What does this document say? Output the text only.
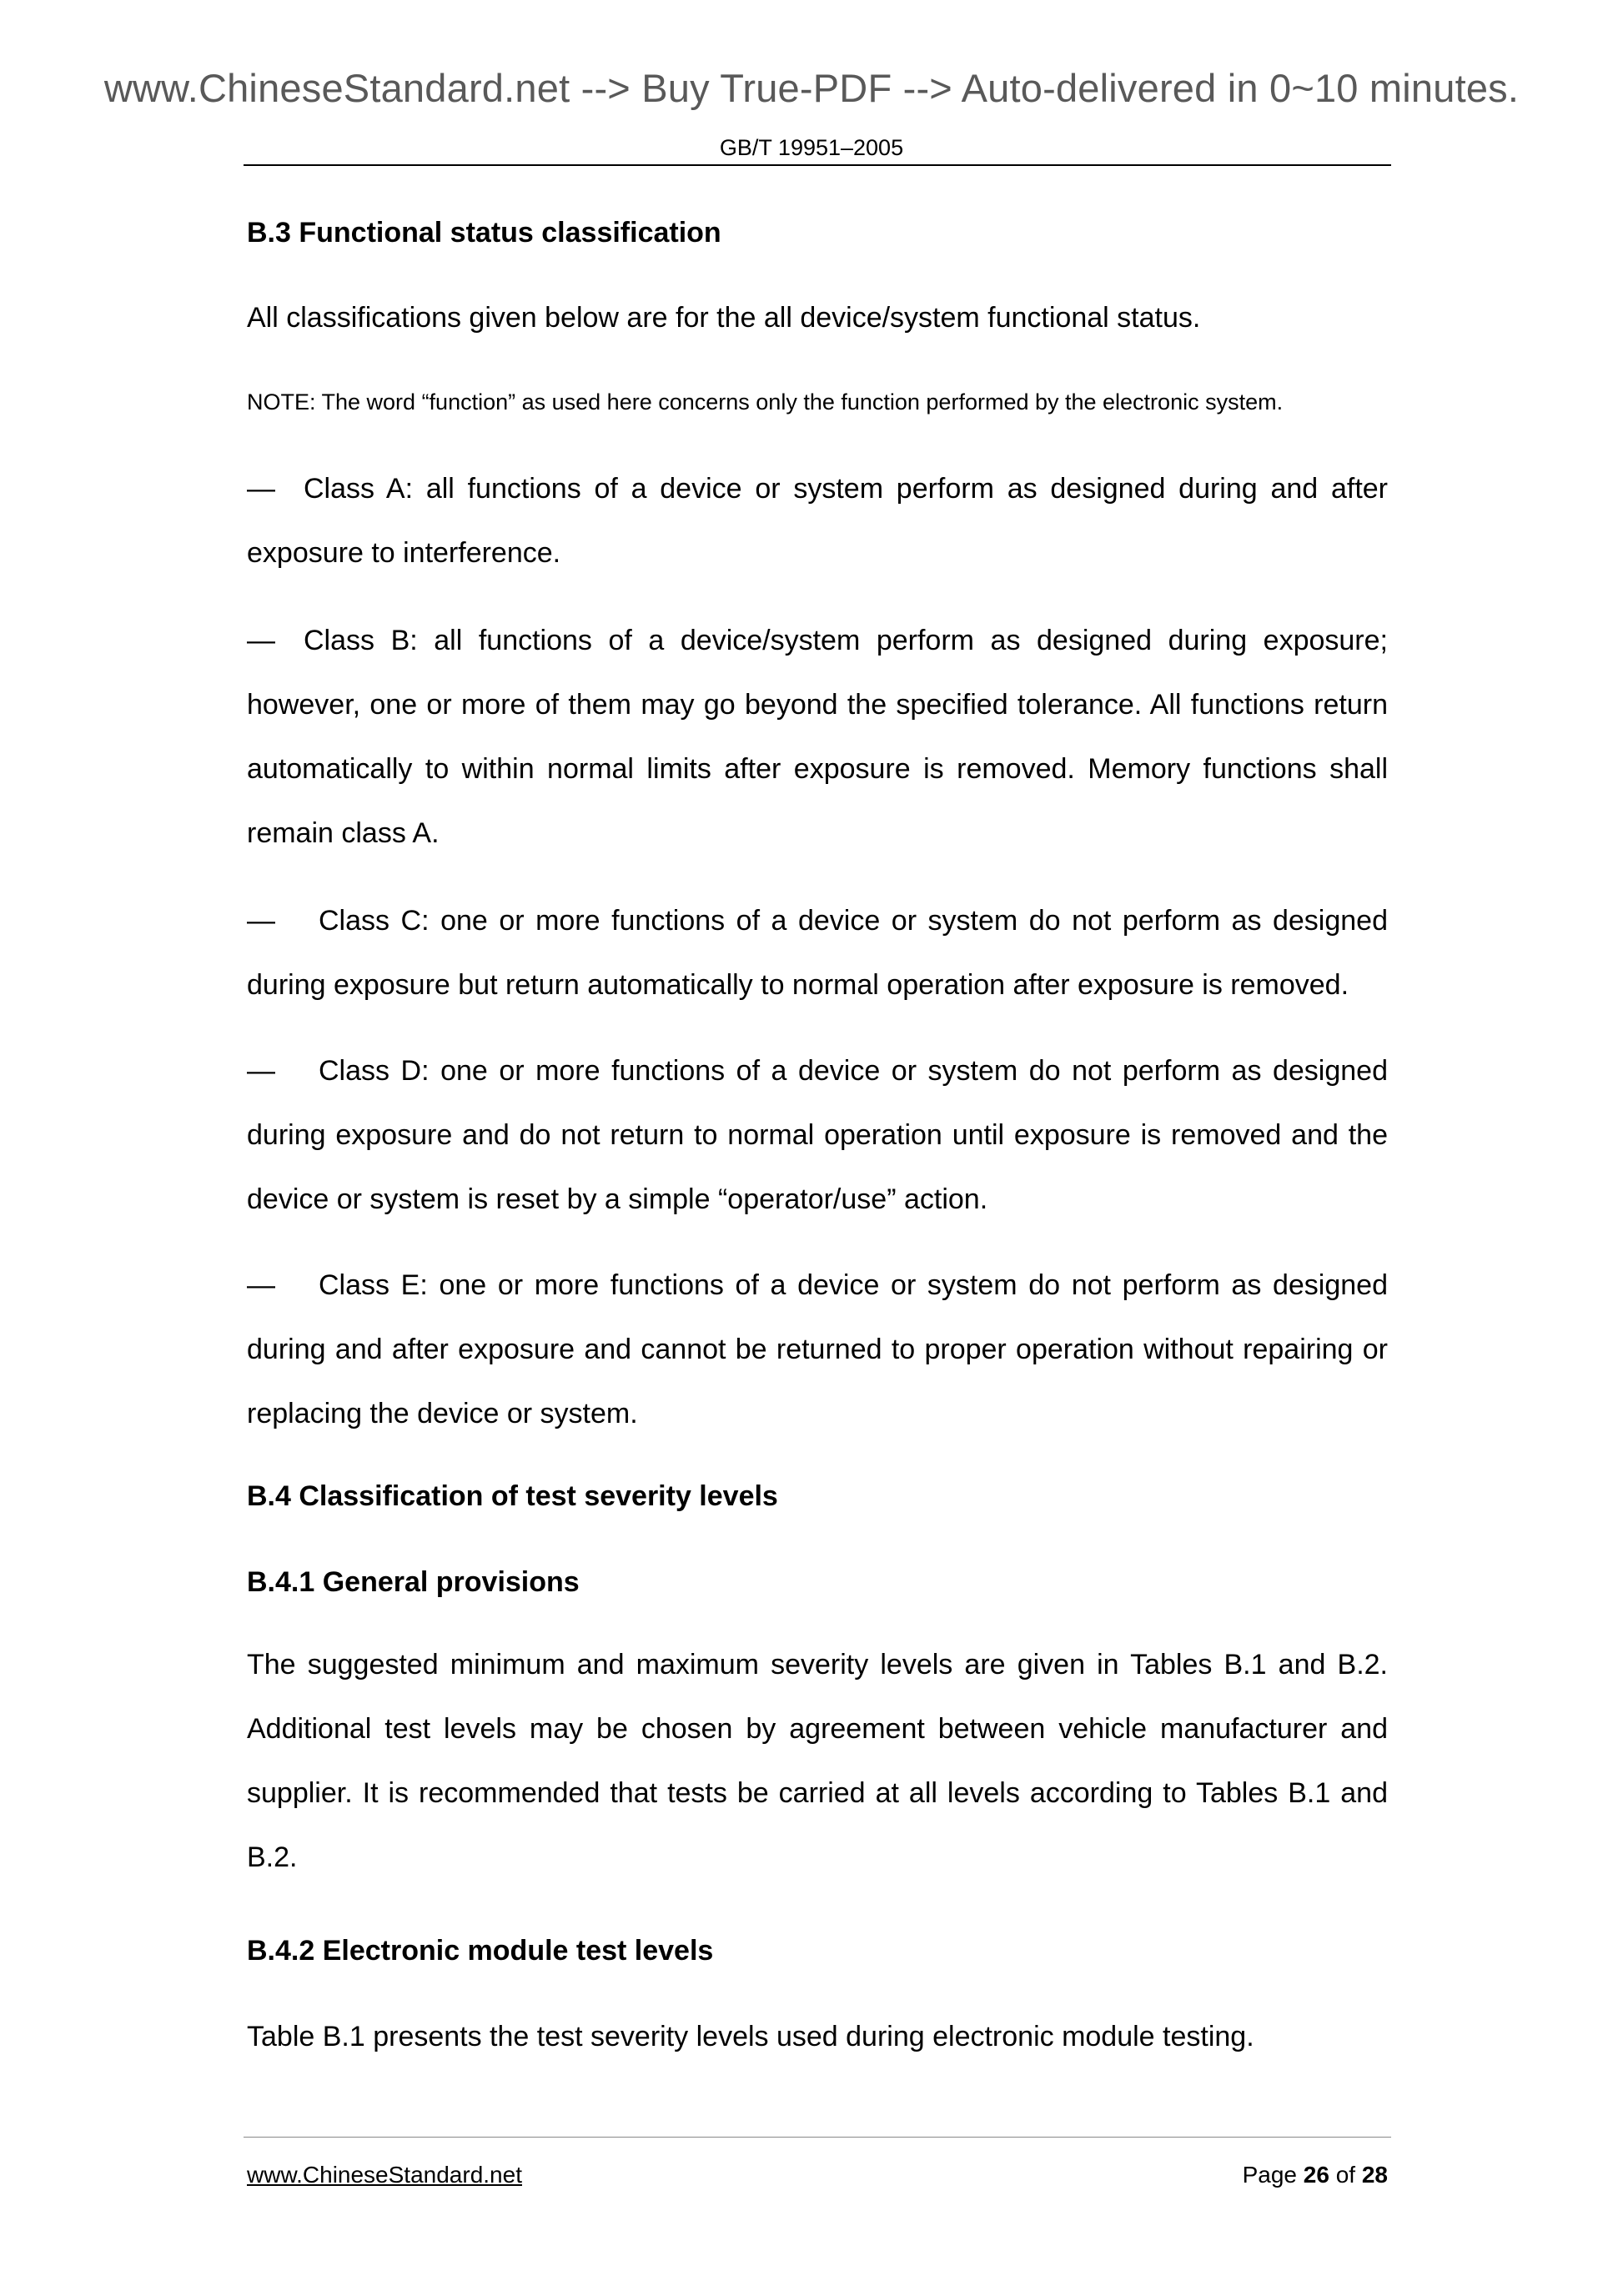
www.ChineseStandard.net --> Buy True-PDF --> Auto-delivered in 0~10 minutes.
GB/T 19951–2005
B.3 Functional status classification
All classifications given below are for the all device/system functional status.
NOTE: The word “function” as used here concerns only the function performed by the electronic system.
— Class A: all functions of a device or system perform as designed during and after exposure to interference.
— Class B: all functions of a device/system perform as designed during exposure; however, one or more of them may go beyond the specified tolerance. All functions return automatically to within normal limits after exposure is removed. Memory functions shall remain class A.
— Class C: one or more functions of a device or system do not perform as designed during exposure but return automatically to normal operation after exposure is removed.
— Class D: one or more functions of a device or system do not perform as designed during exposure and do not return to normal operation until exposure is removed and the device or system is reset by a simple “operator/use” action.
— Class E: one or more functions of a device or system do not perform as designed during and after exposure and cannot be returned to proper operation without repairing or replacing the device or system.
B.4 Classification of test severity levels
B.4.1 General provisions
The suggested minimum and maximum severity levels are given in Tables B.1 and B.2. Additional test levels may be chosen by agreement between vehicle manufacturer and supplier. It is recommended that tests be carried at all levels according to Tables B.1 and B.2.
B.4.2 Electronic module test levels
Table B.1 presents the test severity levels used during electronic module testing.
www.ChineseStandard.net	Page 26 of 28
